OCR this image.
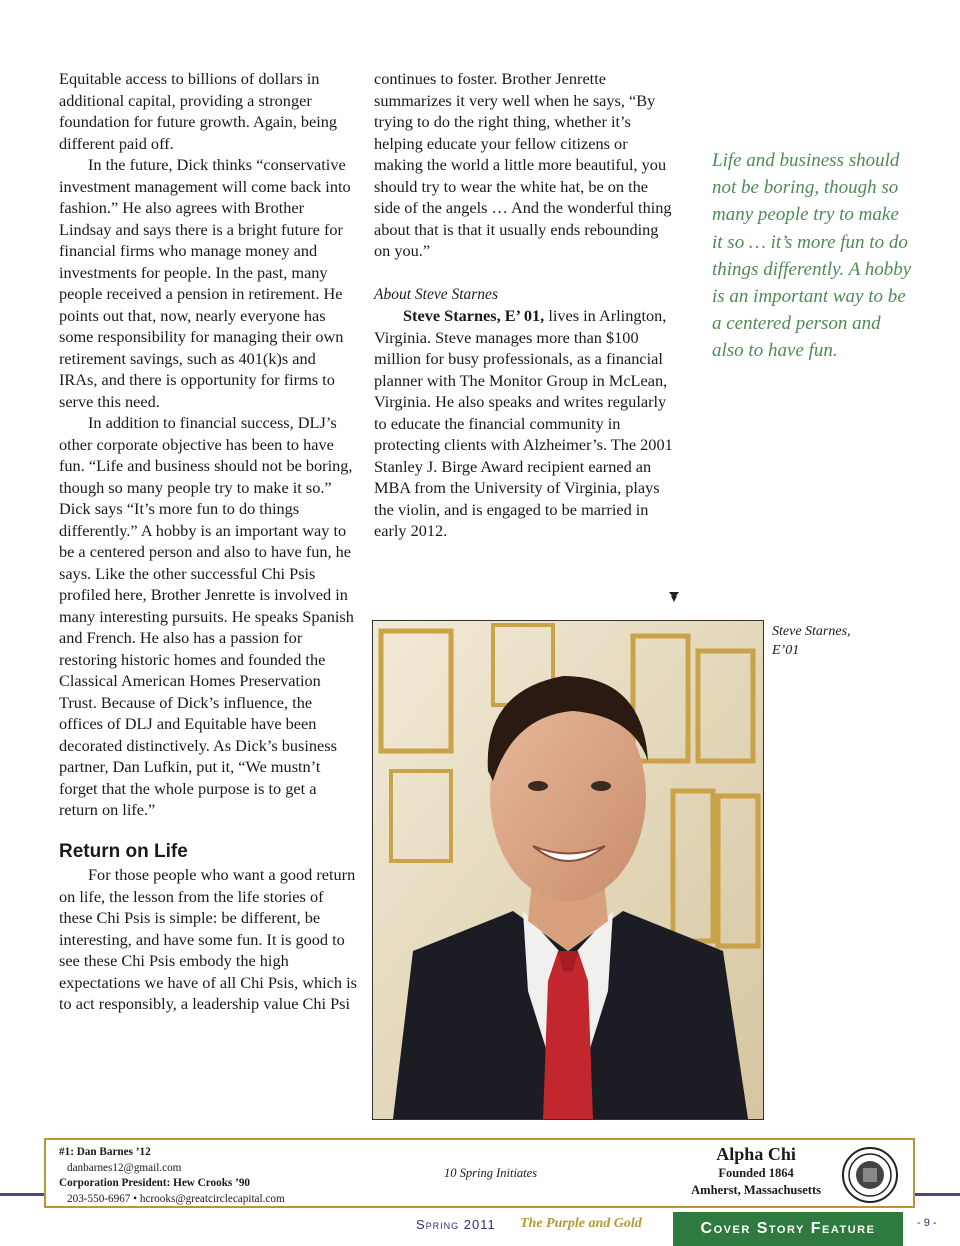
Equitable access to billions of dollars in additional capital, providing a stronger foundation for future growth. Again, being different paid off.

In the future, Dick thinks “conservative investment management will come back into fashion.” He also agrees with Brother Lindsay and says there is a bright future for financial firms who manage money and investments for people. In the past, many people received a pension in retirement. He points out that, now, nearly everyone has some responsibility for managing their own retirement savings, such as 401(k)s and IRAs, and there is opportunity for firms to serve this need.

In addition to financial success, DLJ’s other corporate objective has been to have fun. “Life and business should not be boring, though so many people try to make it so.” Dick says “It’s more fun to do things differently.” A hobby is an important way to be a centered person and also to have fun, he says. Like the other successful Chi Psis profiled here, Brother Jenrette is involved in many interesting pursuits. He speaks Spanish and French. He also has a passion for restoring historic homes and founded the Classical American Homes Preservation Trust. Because of Dick’s influence, the offices of DLJ and Equitable have been decorated distinctively. As Dick’s business partner, Dan Lufkin, put it, “We mustn’t forget that the whole purpose is to get a return on life.”

Return on Life

For those people who want a good return on life, the lesson from the life stories of these Chi Psis is simple: be different, be interesting, and have some fun. It is good to see these Chi Psis embody the high expectations we have of all Chi Psis, which is to act responsibly, a leadership value Chi Psi

continues to foster. Brother Jenrette summarizes it very well when he says, “By trying to do the right thing, whether it’s helping educate your fellow citizens or making the world a little more beautiful, you should try to wear the white hat, be on the side of the angels … And the wonderful thing about that is that it usually ends rebounding on you.”

About Steve Starnes

Steve Starnes, E’ 01, lives in Arlington, Virginia. Steve manages more than $100 million for busy professionals, as a financial planner with The Monitor Group in McLean, Virginia. He also speaks and writes regularly to educate the financial community in protecting clients with Alzheimer’s. The 2001 Stanley J. Birge Award recipient earned an MBA from the University of Virginia, plays the violin, and is engaged to be married in early 2012.

Life and business should not be boring, though so many people try to make it so … it’s more fun to do things differently. A hobby is an important way to be a centered person and also to have fun.
Steve Starnes, E’01
#1: Dan Barnes ’12
danbarnes12@gmail.com
Corporation President: Hew Crooks ’90
203-550-6967 • hcrooks@greatcirclecapital.com
10 Spring Initiates
Alpha Chi
Founded 1864
Amherst, Massachusetts
Spring 2011 The Purple and Gold	Cover Story Feature	- 9 -
